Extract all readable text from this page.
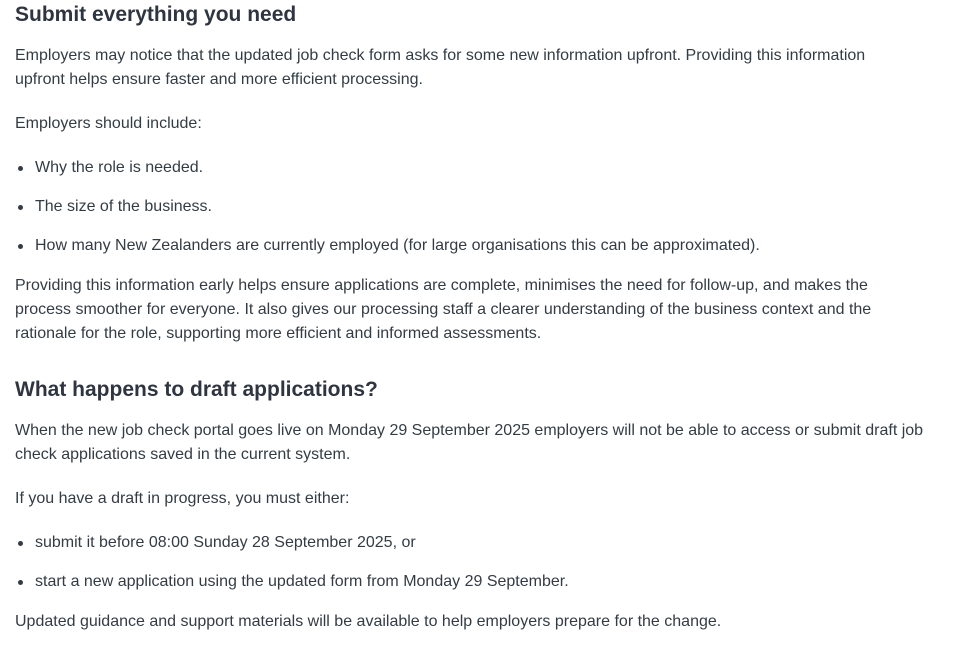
Submit everything you need

Employers may notice that the updated job check form asks for some new information upfront. Providing this information upfront helps ensure faster and more efficient processing.

Employers should include:

Why the role is needed.
The size of the business.
How many New Zealanders are currently employed (for large organisations this can be approximated).

Providing this information early helps ensure applications are complete, minimises the need for follow-up, and makes the process smoother for everyone. It also gives our processing staff a clearer understanding of the business context and the rationale for the role, supporting more efficient and informed assessments.

What happens to draft applications?

When the new job check portal goes live on Monday 29 September 2025 employers will not be able to access or submit draft job check applications saved in the current system.

If you have a draft in progress, you must either:

submit it before 08:00 Sunday 28 September 2025, or
start a new application using the updated form from Monday 29 September.

Updated guidance and support materials will be available to help employers prepare for the change.
